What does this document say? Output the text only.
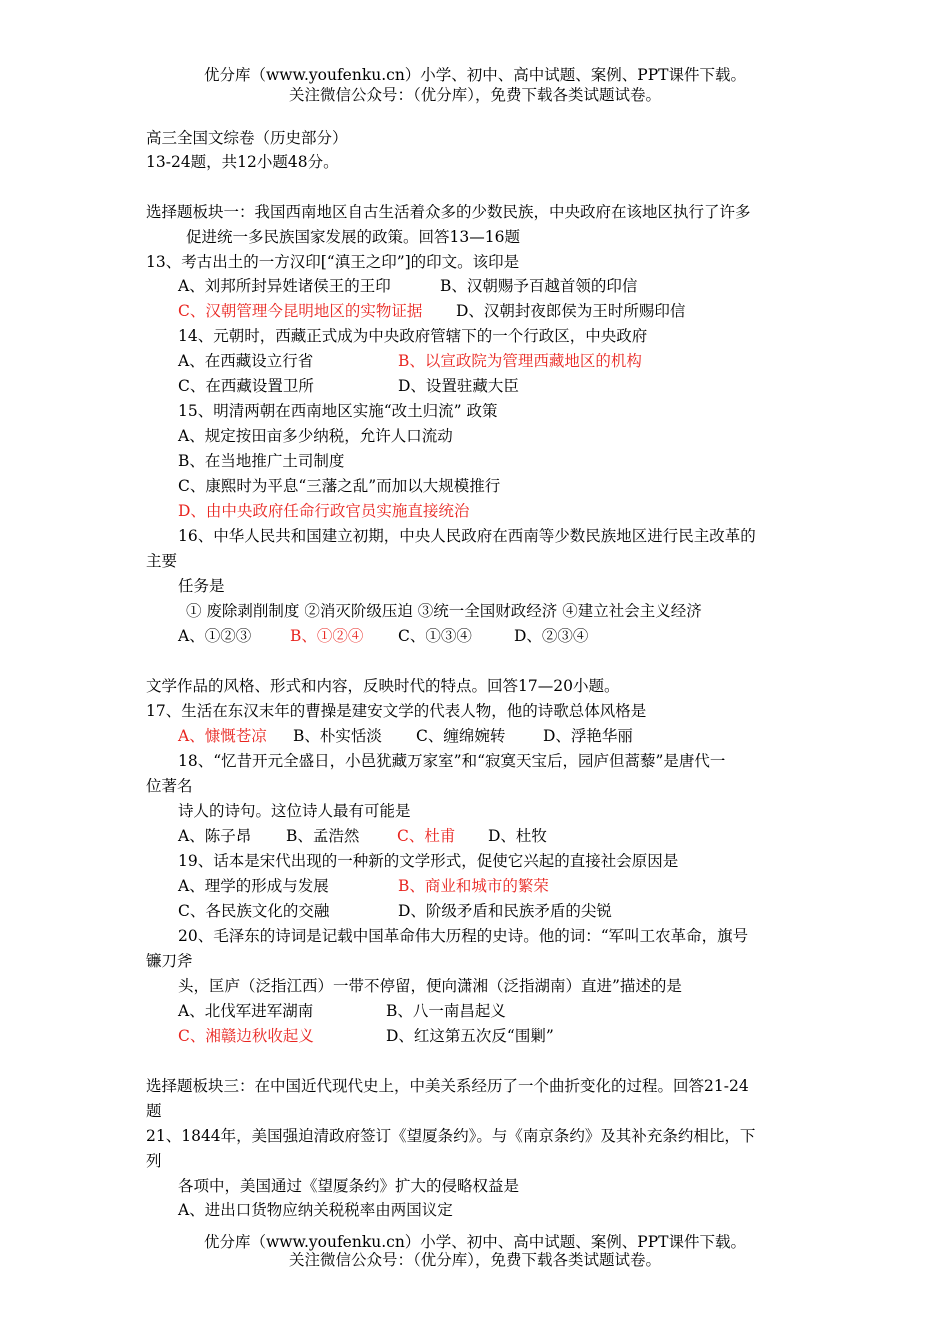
优分库（www.youfenku.cn）小学、初中、高中试题、案例、PPT课件下载。
关注微信公众号：（优分库），免费下载各类试题试卷。
高三全国文综卷（历史部分）
13-24题，共12小题48分。
选择题板块一：我国西南地区自古生活着众多的少数民族，中央政府在该地区执行了许多
促进统一多民族国家发展的政策。回答13—16题
13、考古出土的一方汉印[“滇王之印”]的印文。该印是
A、刘邦所封异姓诸侯王的王印	B、汉朝赐予百越首领的印信
C、汉朝管理今昆明地区的实物证据 D、汉朝封夜郎侯为王时所赐印信
14、元朝时，西藏正式成为中央政府管辖下的一个行政区，中央政府
A、在西藏设立行省	B、以宣政院为管理西藏地区的机构
C、在西藏设置卫所	D、设置驻藏大臣
15、明清两朝在西南地区实施“改土归流” 政策
A、规定按田亩多少纳税，允许人口流动
B、在当地推广土司制度
C、康熙时为平息“三藩之乱”而加以大规模推行
D、由中央政府任命行政官员实施直接统治
16、中华人民共和国建立初期，中央人民政府在西南等少数民族地区进行民主改革的
主要
任务是
① 废除剥削制度 ②消灭阶级压迫 ③统一全国财政经济 ④建立社会主义经济
A、①②③	B、①②④ C、①③④	D、②③④
文学作品的风格、形式和内容，反映时代的特点。回答17—20小题。
17、生活在东汉末年的曹操是建安文学的代表人物，他的诗歌总体风格是
A、慷慨苍凉 B、朴实恬淡 C、缠绵婉转 D、浮艳华丽
18、“忆昔开元全盛日，小邑犹藏万家室”和“寂寞天宝后，园庐但蒿藜”是唐代一
位著名
诗人的诗句。这位诗人最有可能是
A、陈子昂 B、孟浩然 C、杜甫 D、杜牧
19、话本是宋代出现的一种新的文学形式，促使它兴起的直接社会原因是
A、理学的形成与发展	B、商业和城市的繁荣
C、各民族文化的交融	D、阶级矛盾和民族矛盾的尖锐
20、毛泽东的诗词是记载中国革命伟大历程的史诗。他的词：“军叫工农革命，旗号
镰刀斧
头，匡庐（泛指江西）一带不停留，便向潇湘（泛指湖南）直进”描述的是
A、北伐军进军湖南	B、八一南昌起义
C、湘赣边秋收起义	D、红这第五次反“围剿”
选择题板块三：在中国近代现代史上，中美关系经历了一个曲折变化的过程。回答21-24
题
21、1844年，美国强迫清政府签订《望厦条约》。与《南京条约》及其补充条约相比，下
列
各项中，美国通过《望厦条约》扩大的侵略权益是
A、进出口货物应纳关税税率由两国议定
优分库（www.youfenku.cn）小学、初中、高中试题、案例、PPT课件下载。
关注微信公众号：（优分库），免费下载各类试题试卷。
